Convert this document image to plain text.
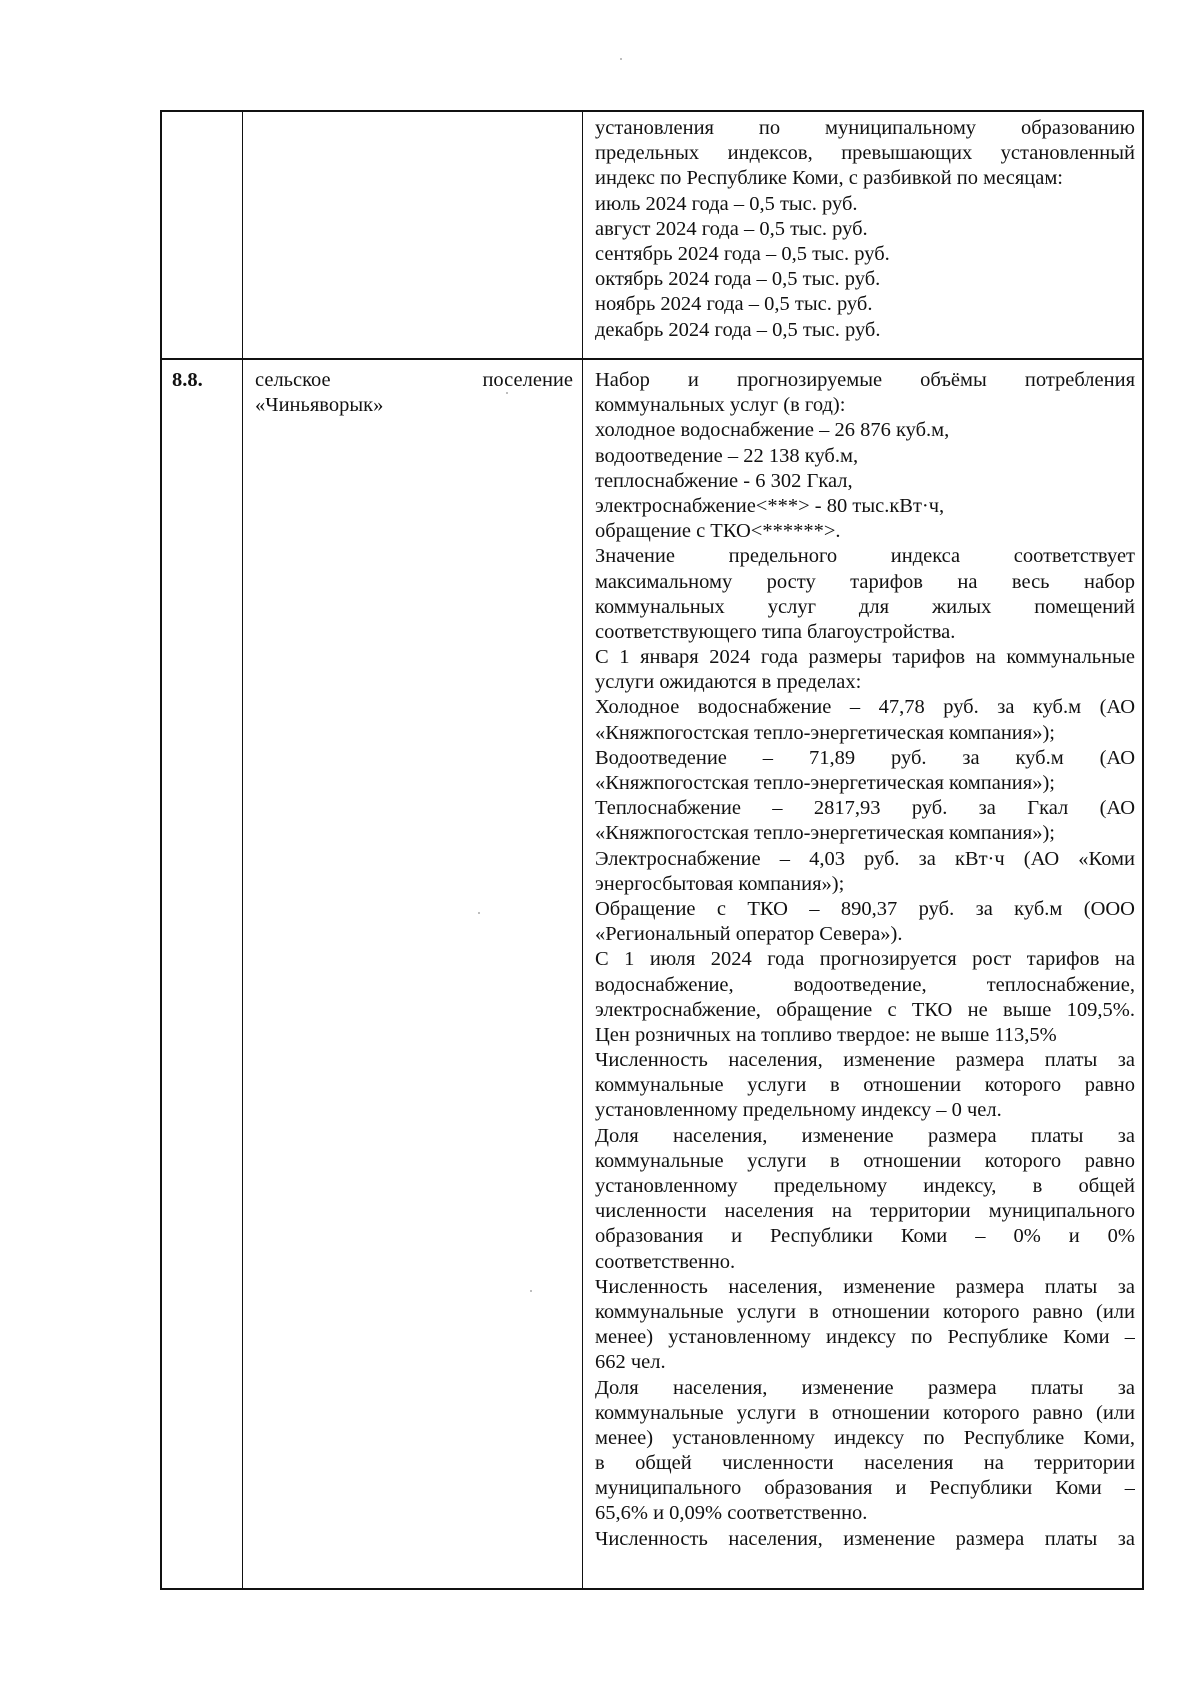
установления по муниципальному образованию
предельных индексов, превышающих установленный
индекс по Республике Коми, с разбивкой по месяцам:
июль 2024 года – 0,5 тыс. руб.
август 2024 года – 0,5 тыс. руб.
сентябрь 2024 года – 0,5 тыс. руб.
октябрь 2024 года – 0,5 тыс. руб.
ноябрь 2024 года – 0,5 тыс. руб.
декабрь 2024 года – 0,5 тыс. руб.
8.8.	сельское поселение
«Чиньяворык»
Набор и прогнозируемые объёмы потребления
коммунальных услуг (в год):
холодное водоснабжение – 26 876 куб.м,
водоотведение – 22 138 куб.м,
теплоснабжение - 6 302 Гкал,
электроснабжение<***> - 80 тыс.кВт·ч,
обращение с ТКО<******>.
Значение предельного индекса соответствует
максимальному росту тарифов на весь набор
коммунальных услуг для жилых помещений
соответствующего типа благоустройства.
С 1 января 2024 года размеры тарифов на коммунальные
услуги ожидаются в пределах:
Холодное водоснабжение – 47,78 руб. за куб.м (АО
«Княжпогостская тепло-энергетическая компания»);
Водоотведение – 71,89 руб. за куб.м (АО
«Княжпогостская тепло-энергетическая компания»);
Теплоснабжение – 2817,93 руб. за Гкал (АО
«Княжпогостская тепло-энергетическая компания»);
Электроснабжение – 4,03 руб. за кВт·ч (АО «Коми
энергосбытовая компания»);
Обращение с ТКО – 890,37 руб. за куб.м (ООО
«Региональный оператор Севера»).
С 1 июля 2024 года прогнозируется рост тарифов на
водоснабжение, водоотведение, теплоснабжение,
электроснабжение, обращение с ТКО не выше 109,5%.
Цен розничных на топливо твердое: не выше 113,5%
Численность населения, изменение размера платы за
коммунальные услуги в отношении которого равно
установленному предельному индексу – 0 чел.
Доля населения, изменение размера платы за
коммунальные услуги в отношении которого равно
установленному предельному индексу, в общей
численности населения на территории муниципального
образования и Республики Коми – 0% и 0%
соответственно.
Численность населения, изменение размера платы за
коммунальные услуги в отношении которого равно (или
менее) установленному индексу по Республике Коми –
662 чел.
Доля населения, изменение размера платы за
коммунальные услуги в отношении которого равно (или
менее) установленному индексу по Республике Коми,
в общей численности населения на территории
муниципального образования и Республики Коми –
65,6% и 0,09% соответственно.
Численность населения, изменение размера платы за
